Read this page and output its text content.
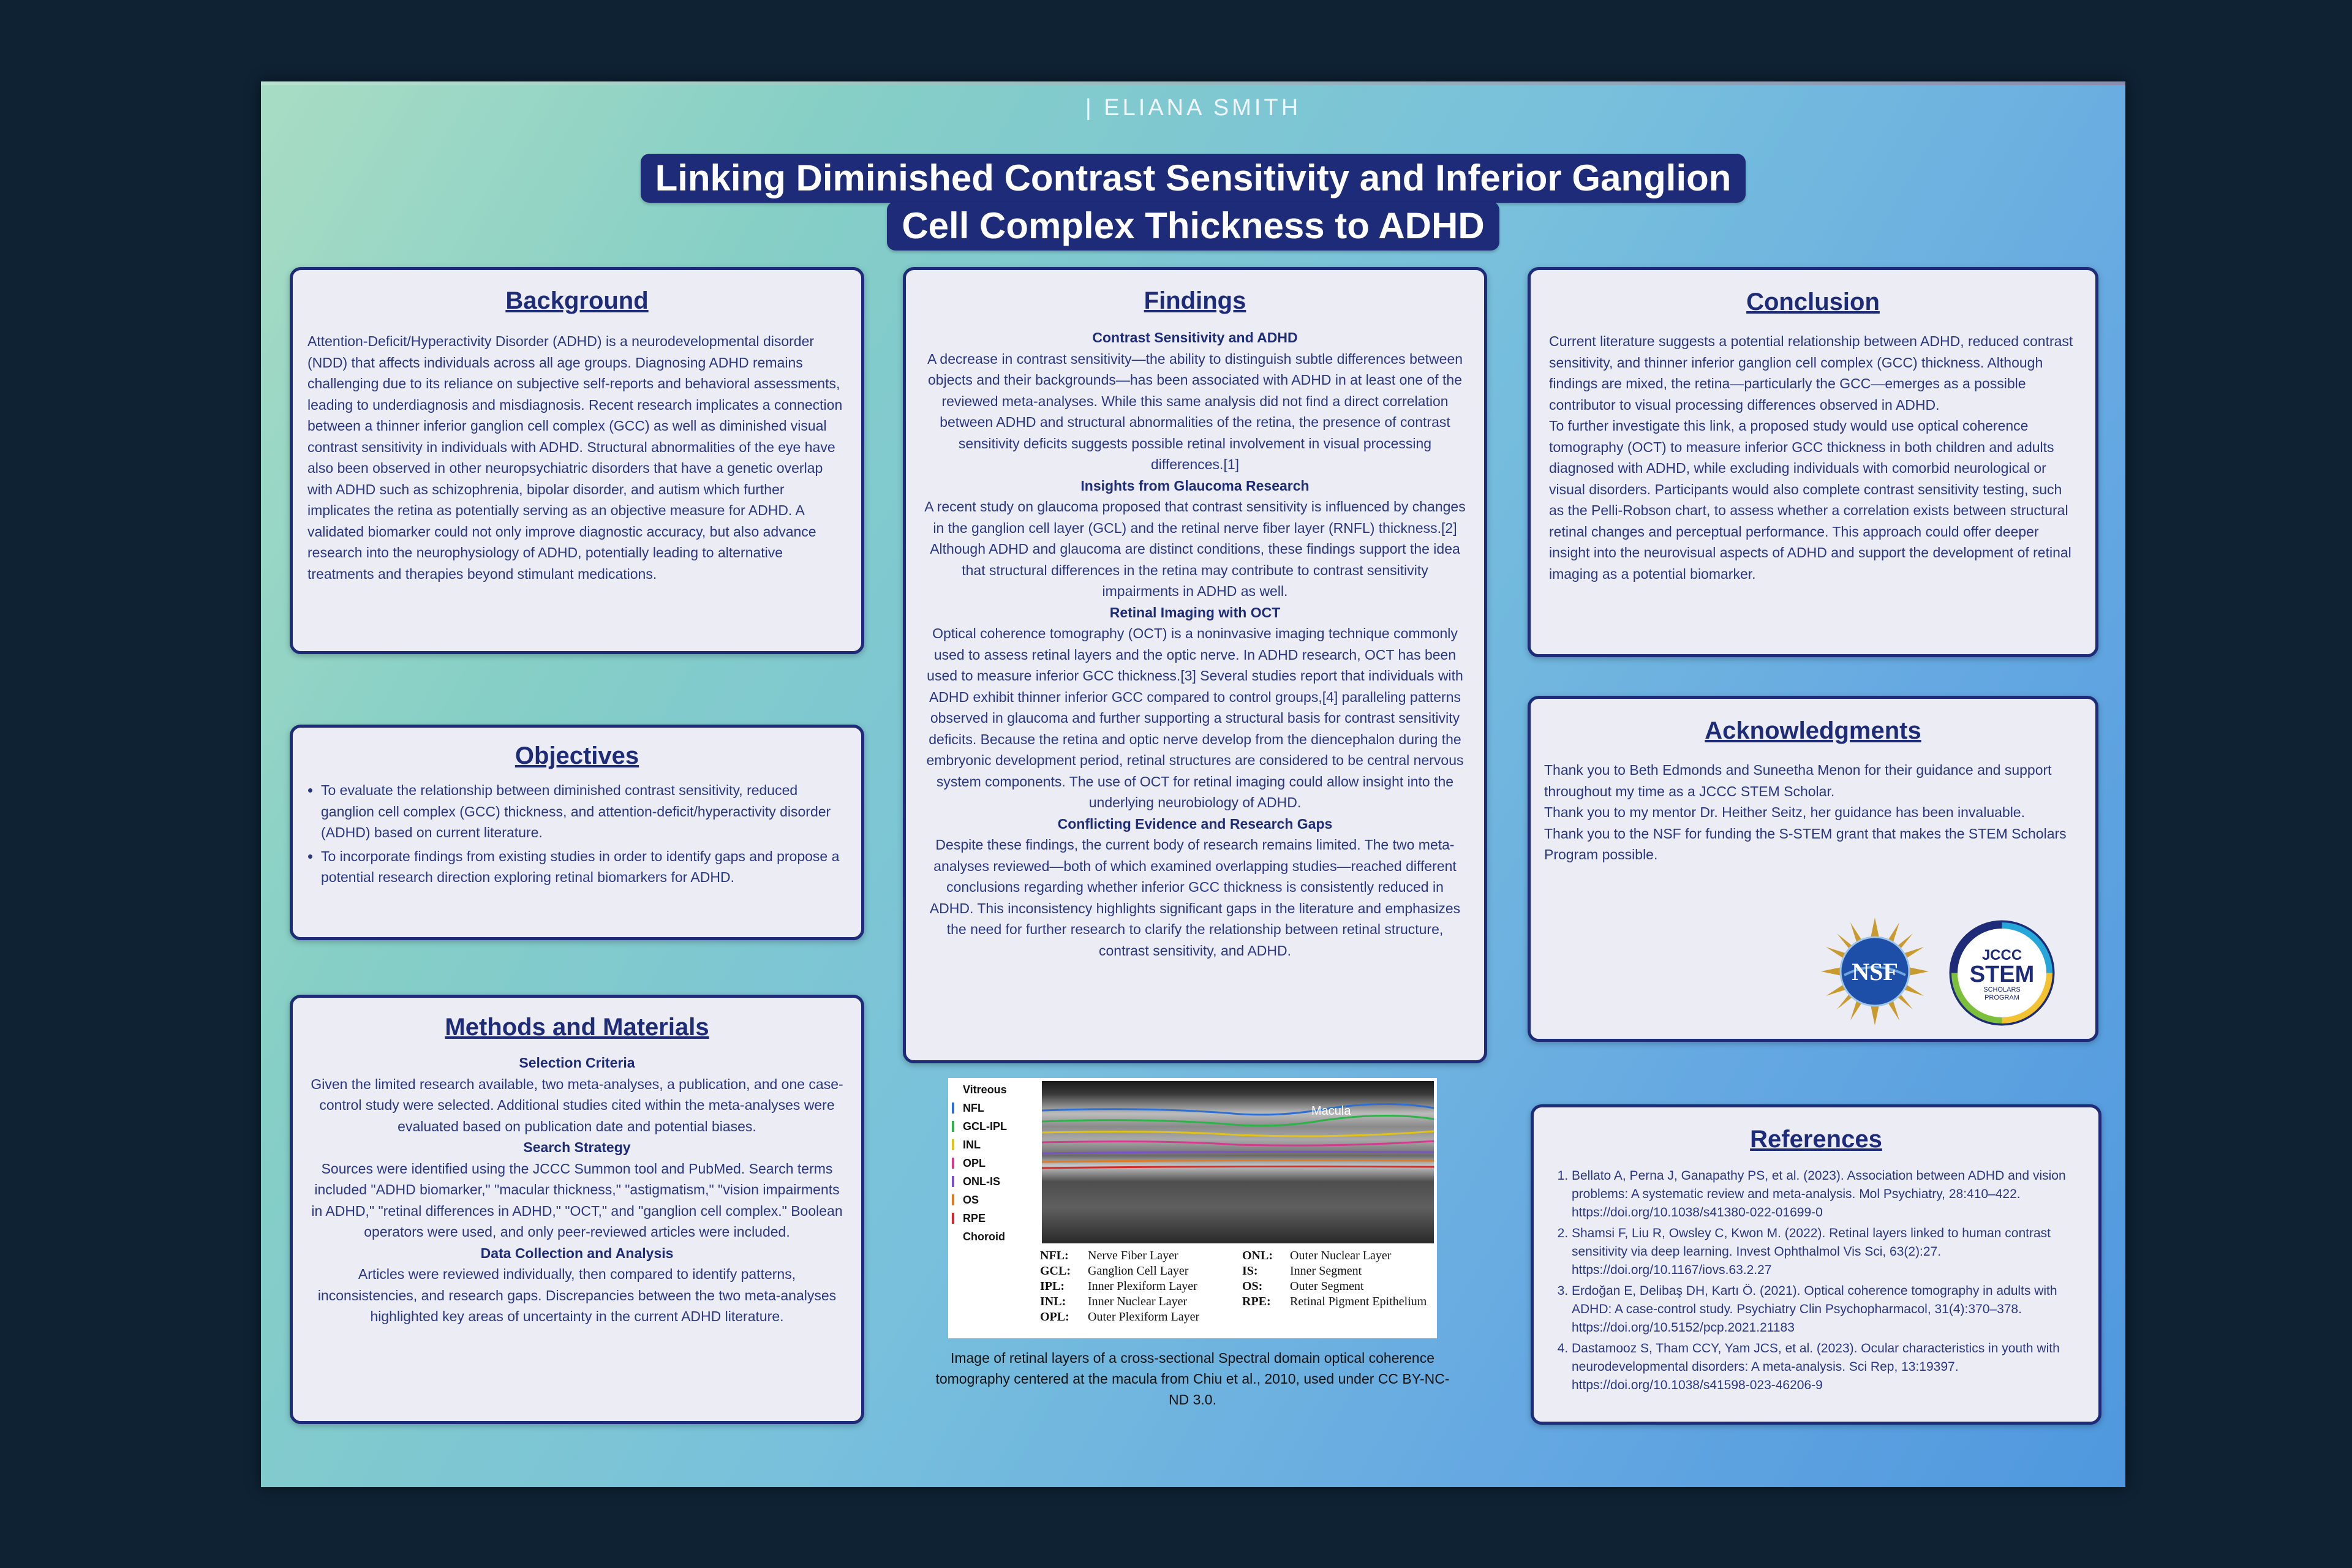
| ELIANA SMITH
Linking Diminished Contrast Sensitivity and Inferior Ganglion
Cell Complex Thickness to ADHD
Background

Attention-Deficit/Hyperactivity Disorder (ADHD) is a neurodevelopmental disorder (NDD) that affects individuals across all age groups. Diagnosing ADHD remains challenging due to its reliance on subjective self-reports and behavioral assessments, leading to underdiagnosis and misdiagnosis. Recent research implicates a connection between a thinner inferior ganglion cell complex (GCC) as well as diminished visual contrast sensitivity in individuals with ADHD. Structural abnormalities of the eye have also been observed in other neuropsychiatric disorders that have a genetic overlap with ADHD such as schizophrenia, bipolar disorder, and autism which further implicates the retina as potentially serving as an objective measure for ADHD. A validated biomarker could not only improve diagnostic accuracy, but also advance research into the neurophysiology of ADHD, potentially leading to alternative treatments and therapies beyond stimulant medications.

Objectives
• To evaluate the relationship between diminished contrast sensitivity, reduced ganglion cell complex (GCC) thickness, and attention-deficit/hyperactivity disorder (ADHD) based on current literature.
• To incorporate findings from existing studies in order to identify gaps and propose a potential research direction exploring retinal biomarkers for ADHD.
Methods and Materials
Selection Criteria

Given the limited research available, two meta-analyses, a publication, and one case-control study were selected. Additional studies cited within the meta-analyses were evaluated based on publication date and potential biases.

Search Strategy

Sources were identified using the JCCC Summon tool and PubMed. Search terms included "ADHD biomarker," "macular thickness," "astigmatism," "vision impairments in ADHD," "retinal differences in ADHD," "OCT," and "ganglion cell complex." Boolean operators were used, and only peer-reviewed articles were included.

Data Collection and Analysis

Articles were reviewed individually, then compared to identify patterns, inconsistencies, and research gaps. Discrepancies between the two meta-analyses highlighted key areas of uncertainty in the current ADHD literature.

Findings
Contrast Sensitivity and ADHD

A decrease in contrast sensitivity—the ability to distinguish subtle differences between objects and their backgrounds—has been associated with ADHD in at least one of the reviewed meta-analyses. While this same analysis did not find a direct correlation between ADHD and structural abnormalities of the retina, the presence of contrast sensitivity deficits suggests possible retinal involvement in visual processing differences.[1]

Insights from Glaucoma Research

A recent study on glaucoma proposed that contrast sensitivity is influenced by changes in the ganglion cell layer (GCL) and the retinal nerve fiber layer (RNFL) thickness.[2] Although ADHD and glaucoma are distinct conditions, these findings support the idea that structural differences in the retina may contribute to contrast sensitivity impairments in ADHD as well.

Retinal Imaging with OCT

Optical coherence tomography (OCT) is a noninvasive imaging technique commonly used to assess retinal layers and the optic nerve. In ADHD research, OCT has been used to measure inferior GCC thickness.[3] Several studies report that individuals with ADHD exhibit thinner inferior GCC compared to control groups,[4] paralleling patterns observed in glaucoma and further supporting a structural basis for contrast sensitivity deficits. Because the retina and optic nerve develop from the diencephalon during the embryonic development period, retinal structures are considered to be central nervous system components. The use of OCT for retinal imaging could allow insight into the underlying neurobiology of ADHD.

Conflicting Evidence and Research Gaps

Despite these findings, the current body of research remains limited. The two meta-analyses reviewed—both of which examined overlapping studies—reached different conclusions regarding whether inferior GCC thickness is consistently reduced in ADHD. This inconsistency highlights significant gaps in the literature and emphasizes the need for further research to clarify the relationship between retinal structure, contrast sensitivity, and ADHD.

Macula
Vitreous
NFL
GCL-IPL
INL
OPL
ONL-IS
OS
RPE
Choroid
NFL: Nerve Fiber Layer	ONL: Outer Nuclear Layer
GCL: Ganglion Cell Layer	IS:	Inner Segment
IPL: Inner Plexiform Layer	OS: Outer Segment
INL: Inner Nuclear Layer	RPE: Retinal Pigment Epithelium
OPL: Outer Plexiform Layer
Image of retinal layers of a cross-sectional Spectral domain optical coherence tomography centered at the macula from Chiu et al., 2010, used under CC BY-NC-ND 3.0.
Conclusion

Current literature suggests a potential relationship between ADHD, reduced contrast sensitivity, and thinner inferior ganglion cell complex (GCC) thickness. Although findings are mixed, the retina—particularly the GCC—emerges as a possible contributor to visual processing differences observed in ADHD.

To further investigate this link, a proposed study would use optical coherence tomography (OCT) to measure inferior GCC thickness in both children and adults diagnosed with ADHD, while excluding individuals with comorbid neurological or visual disorders. Participants would also complete contrast sensitivity testing, such as the Pelli-Robson chart, to assess whether a correlation exists between structural retinal changes and perceptual performance. This approach could offer deeper insight into the neurovisual aspects of ADHD and support the development of retinal imaging as a potential biomarker.

Acknowledgments

Thank you to Beth Edmonds and Suneetha Menon for their guidance and support throughout my time as a JCCC STEM Scholar.

Thank you to my mentor Dr. Heither Seitz, her guidance has been invaluable.

Thank you to the NSF for funding the S-STEM grant that makes the STEM Scholars Program possible.

NSF
JCCC
STEM
SCHOLARS
PROGRAM
References
1. Bellato A, Perna J, Ganapathy PS, et al. (2023). Association between ADHD and vision problems: A systematic review and meta-analysis. Mol Psychiatry, 28:410–422. https://doi.org/10.1038/s41380-022-01699-0
2. Shamsi F, Liu R, Owsley C, Kwon M. (2022). Retinal layers linked to human contrast sensitivity via deep learning. Invest Ophthalmol Vis Sci, 63(2):27. https://doi.org/10.1167/iovs.63.2.27
3. Erdoğan E, Delibaş DH, Kartı Ö. (2021). Optical coherence tomography in adults with ADHD: A case-control study. Psychiatry Clin Psychopharmacol, 31(4):370–378. https://doi.org/10.5152/pcp.2021.21183
4. Dastamooz S, Tham CCY, Yam JCS, et al. (2023). Ocular characteristics in youth with neurodevelopmental disorders: A meta-analysis. Sci Rep, 13:19397. https://doi.org/10.1038/s41598-023-46206-9
